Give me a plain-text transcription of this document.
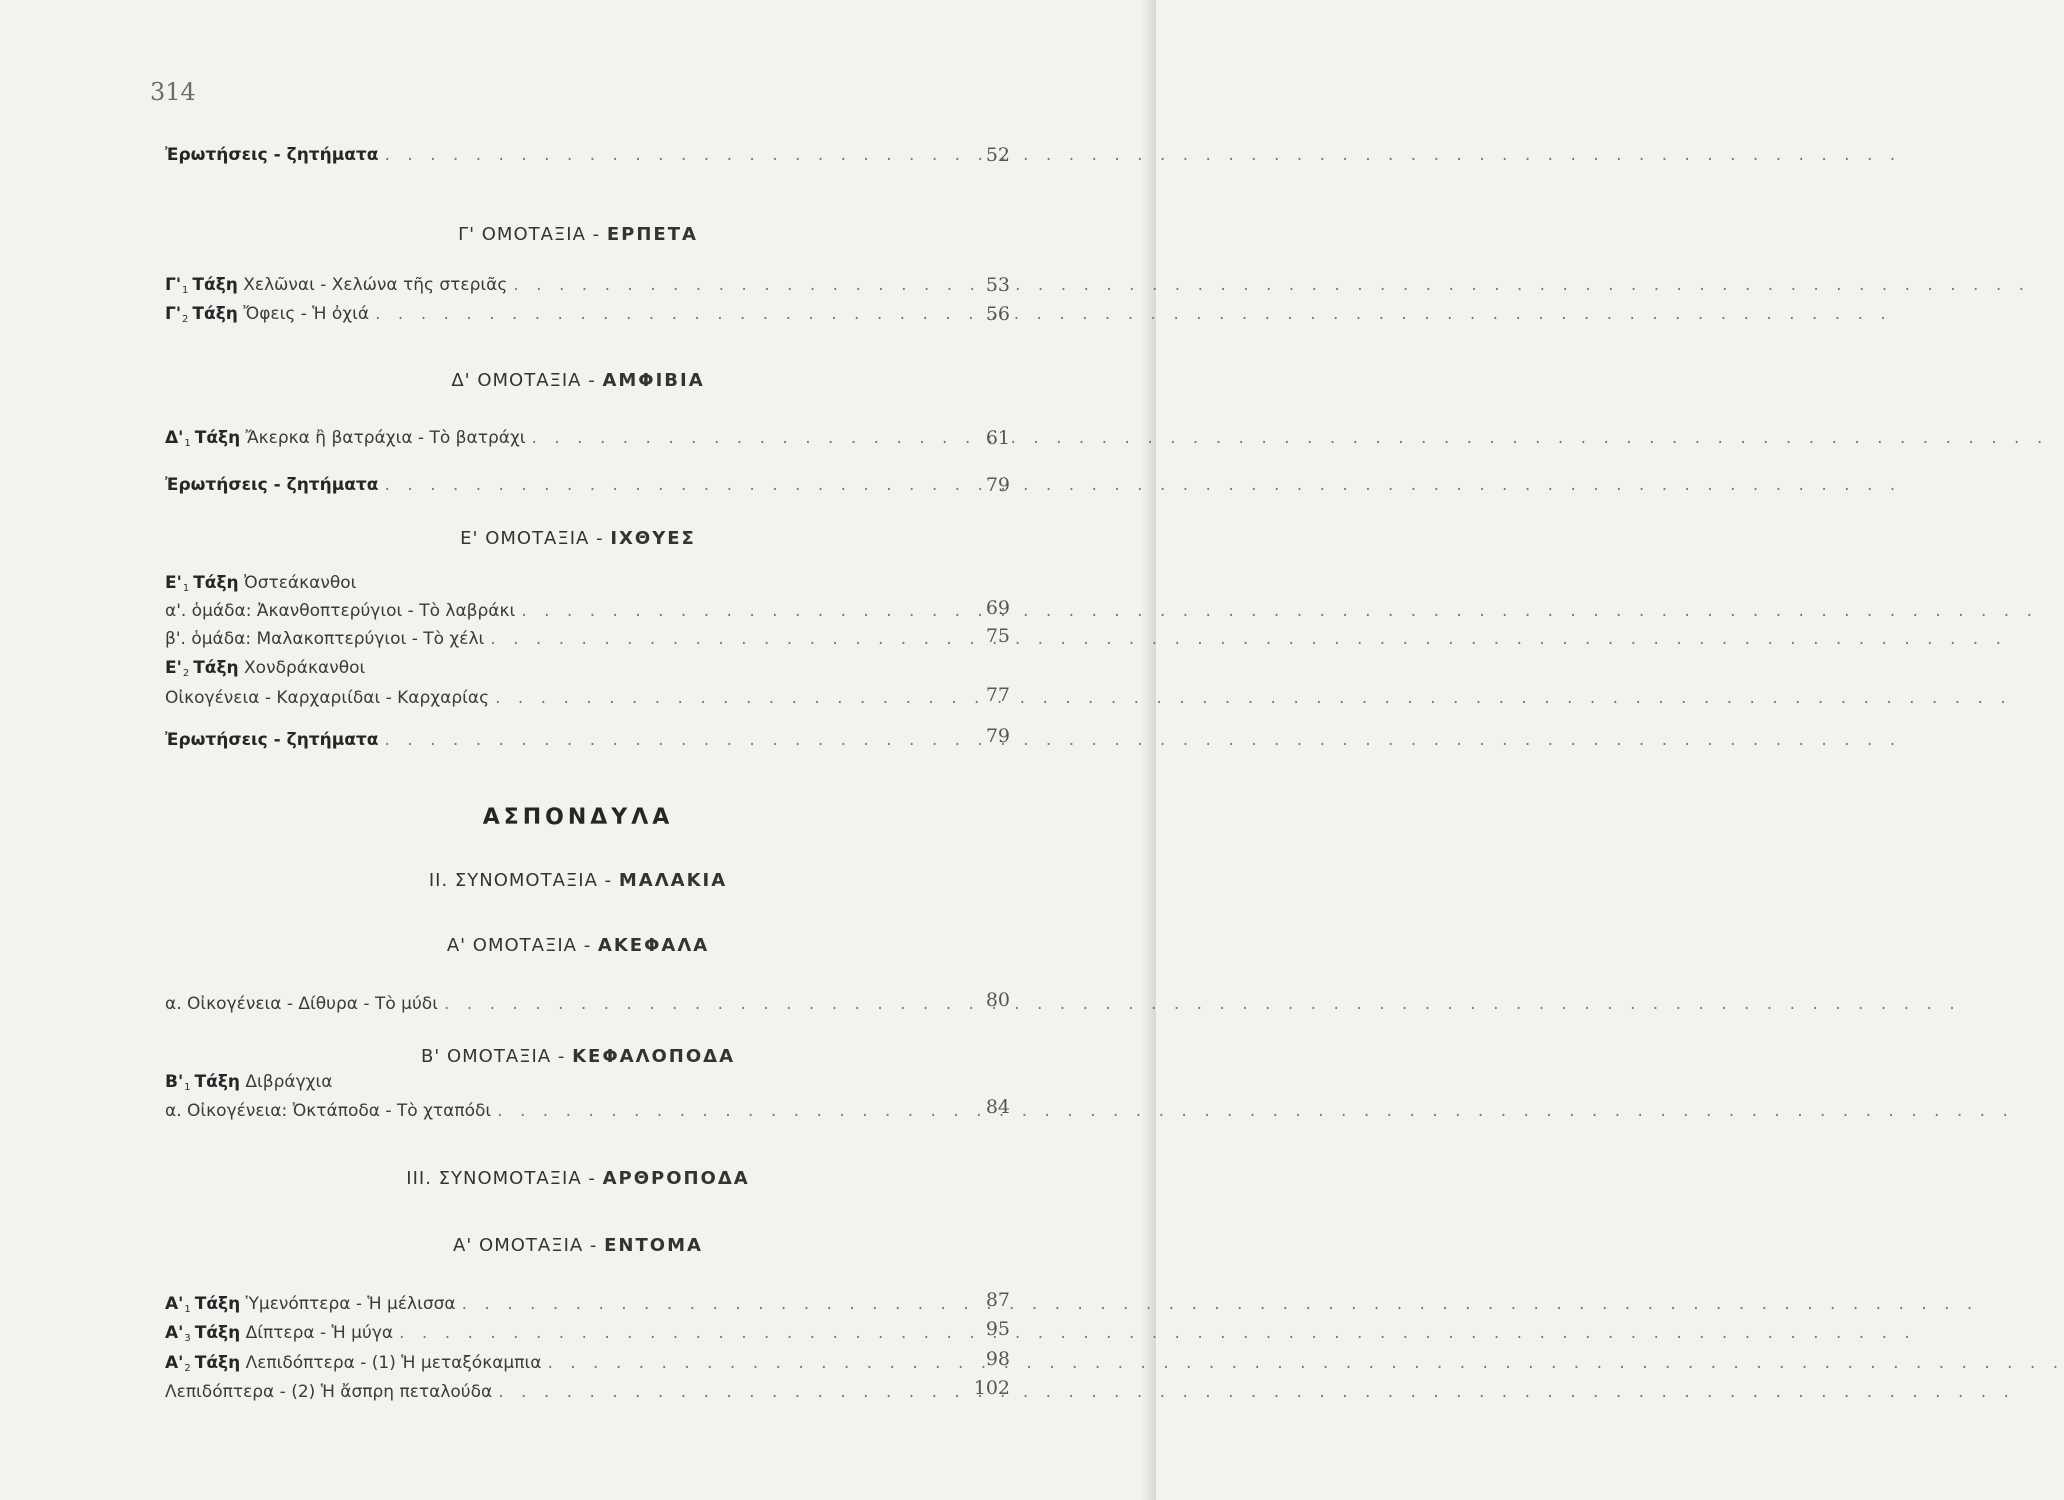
314
Ἐρωτήσεις - ζητήματα . . .	52
Γ' ΟΜΟΤΑΞΙΑ - ΕΡΠΕΤΑ
$\Gamma'_1$ Τάξη Χελῶναι - Χελώνα τῆς στεριᾶς . . .	53
$\Gamma'_2$ Τάξη Ὄφεις - Ἡ ὀχιά . . .	56
Δ' ΟΜΟΤΑΞΙΑ - ΑΜΦΙΒΙΑ
$\Delta'_1$ Τάξη Ἄκερκα ἢ βατράχια - Τὸ βατράχι . . .	61
Ἐρωτήσεις - ζητήματα . . .	79
Ε' ΟΜΟΤΑΞΙΑ - ΙΧΘΥΕΣ
$E'_1$ Τάξη Ὀστεάκανθοι
α'. ὁμάδα: Ἀκανθοπτερύγιοι - Τὸ λαβράκι . . .	69
β'. ὁμάδα: Μαλακοπτερύγιοι - Τὸ χέλι . . .	75
$E'_2$ Τάξη Χονδράκανθοι
Οἰκογένεια - Καρχαριίδαι - Καρχαρίας . . .	77
Ἐρωτήσεις - ζητήματα . . .	79
ΑΣΠΟΝΔΥΛΑ
ΙΙ. ΣΥΝΟΜΟΤΑΞΙΑ - ΜΑΛΑΚΙΑ
Α' ΟΜΟΤΑΞΙΑ - ΑΚΕΦΑΛΑ
α. Οἰκογένεια - Δίθυρα - Τὸ μύδι . . .	80
Β' ΟΜΟΤΑΞΙΑ - ΚΕΦΑΛΟΠΟΔΑ
$B'_1$ Τάξη Διβράγχια
α. Οἰκογένεια: Ὀκτάποδα - Τὸ χταπόδι . . .	84
ΙΙΙ. ΣΥΝΟΜΟΤΑΞΙΑ - ΑΡΘΡΟΠΟΔΑ
Α' ΟΜΟΤΑΞΙΑ - ΕΝΤΟΜΑ
$A'_1$ Τάξη Ὑμενόπτερα - Ἡ μέλισσα . . .	87
$A'_3$ Τάξη Δίπτερα - Ἡ μύγα . . .	95
$A'_2$ Τάξη Λεπιδόπτερα - (1) Ἡ μεταξόκαμπια . . .	98
Λεπιδόπτερα - (2) Ἡ ἄσπρη πεταλούδα . . .	102
